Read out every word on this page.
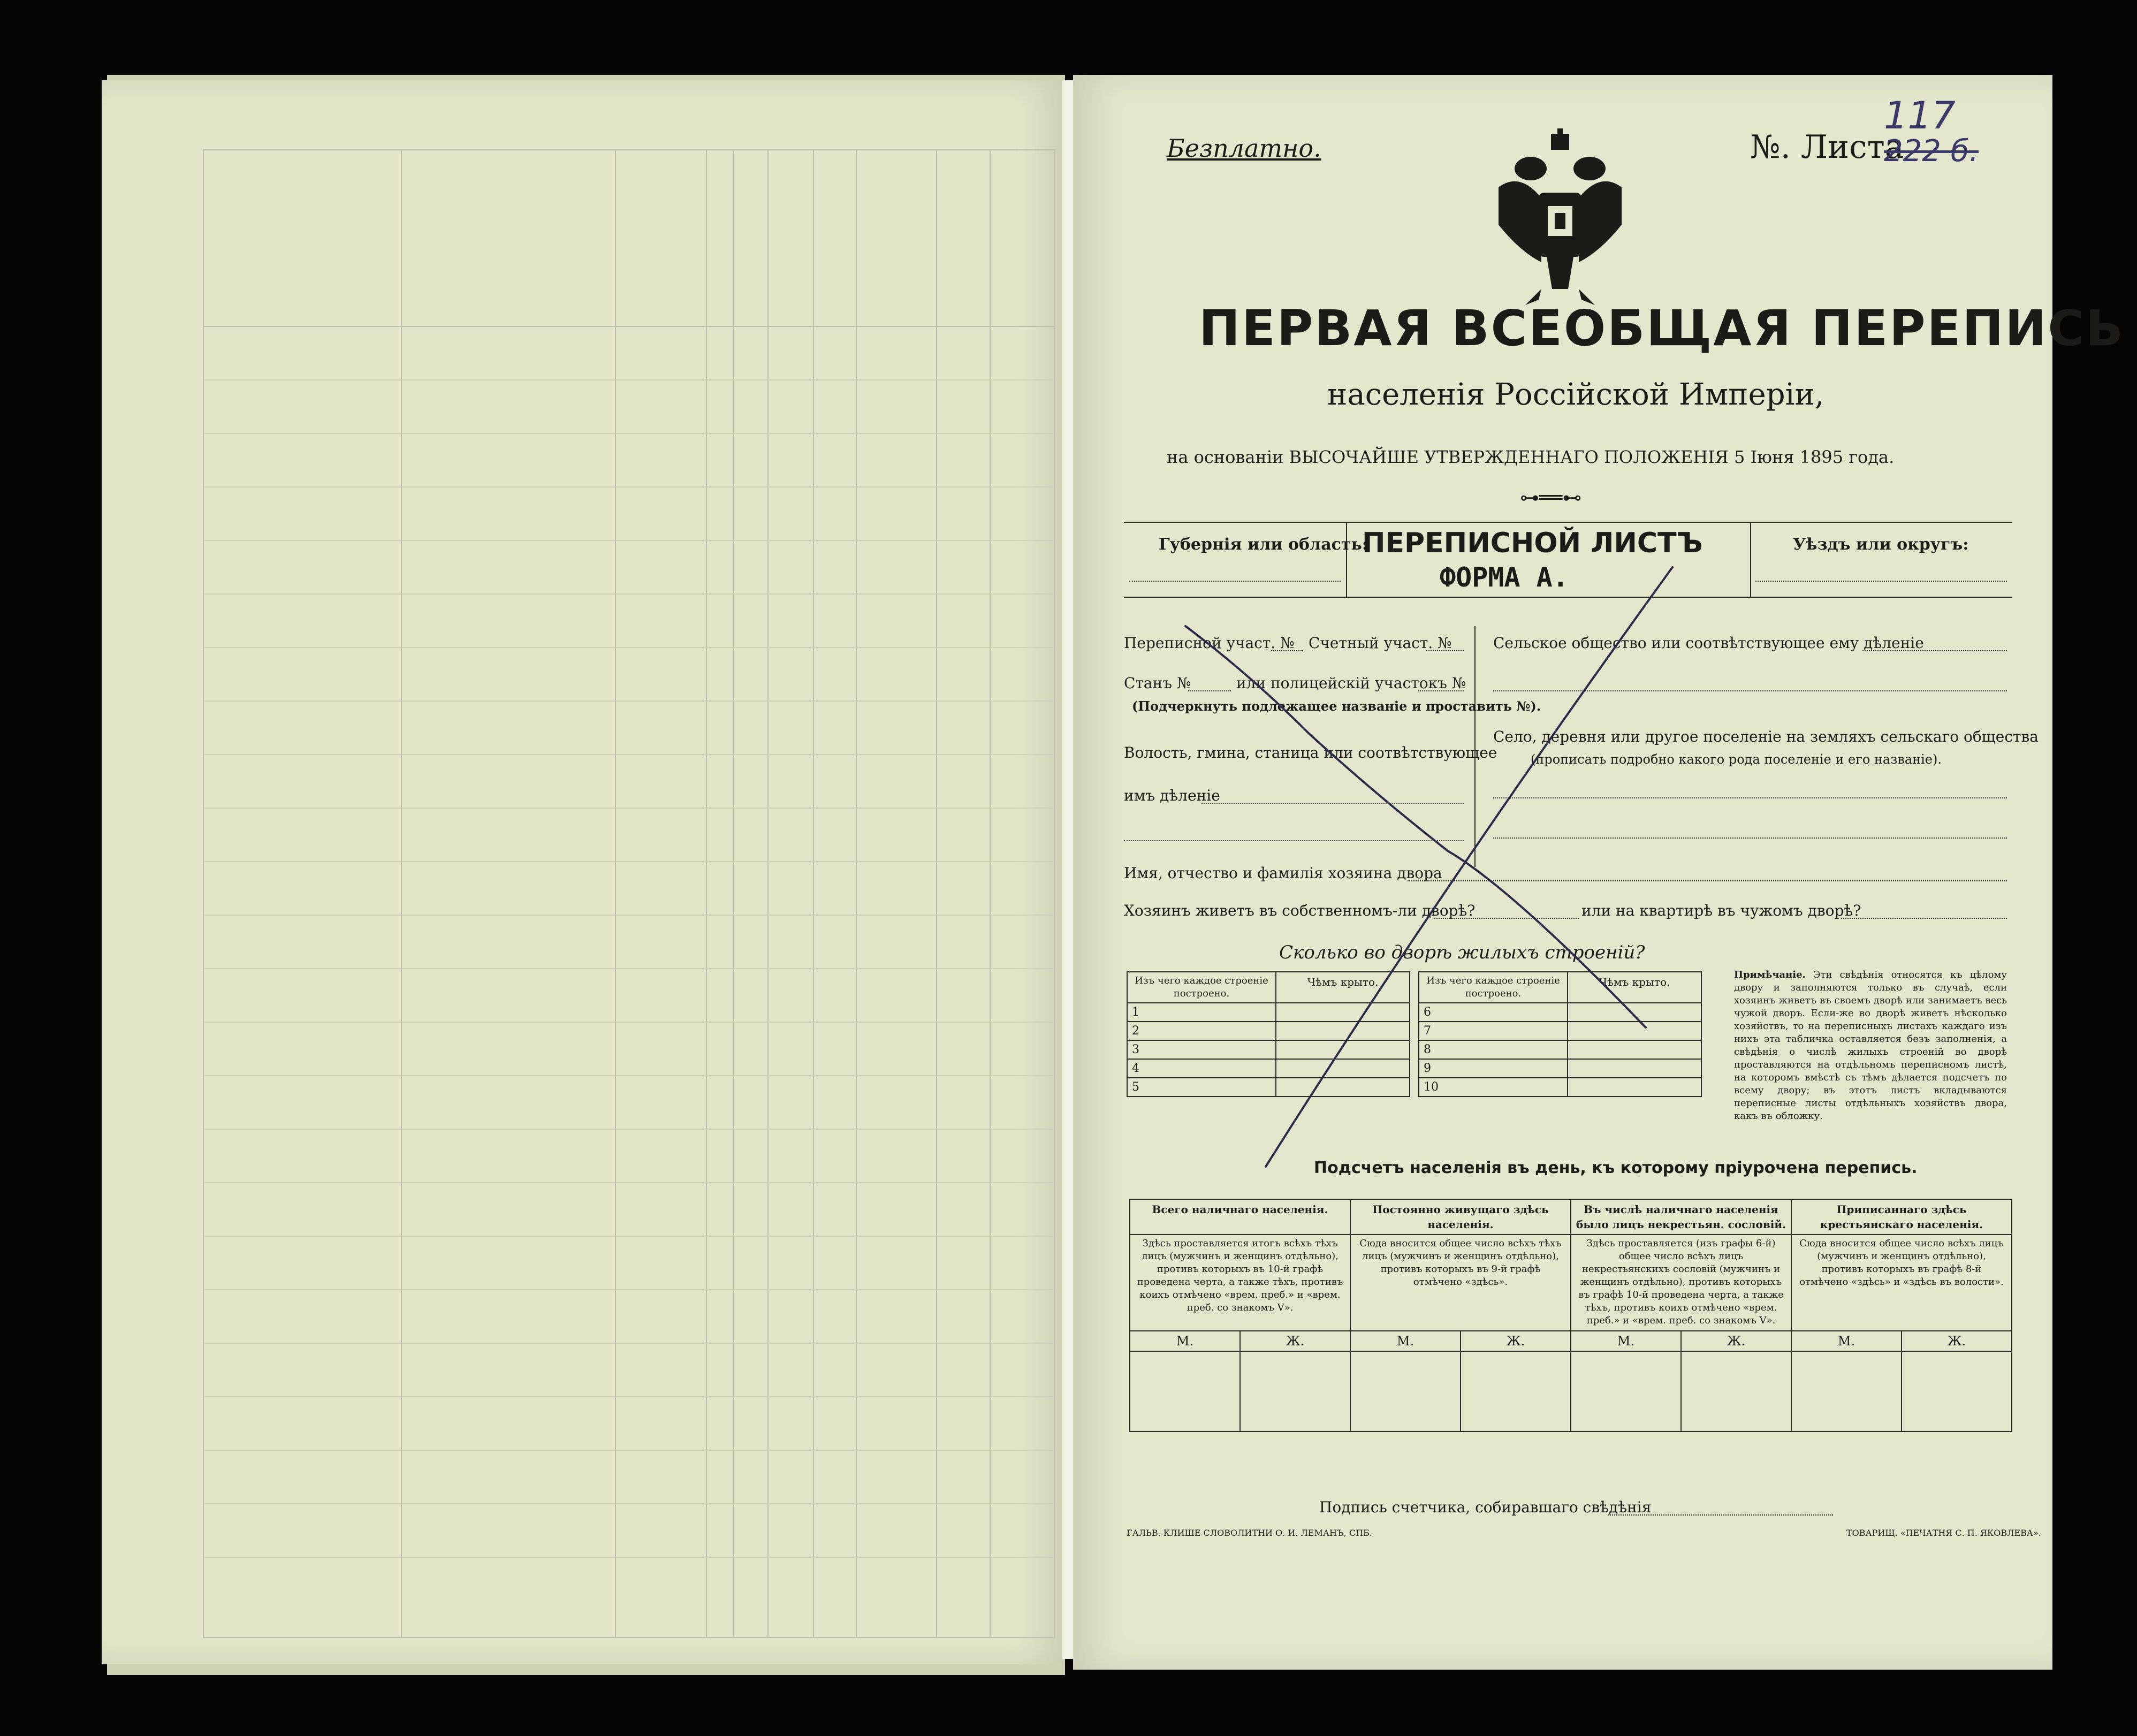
Безплатно.	№. Листа
117
222 б.
ПЕРВАЯ ВСЕОБЩАЯ ПЕРЕПИСЬ
населенія Россійской Имперіи,
на основаніи ВЫСОЧАЙШЕ УТВЕРЖДЕННАГО ПОЛОЖЕНІЯ 5 Іюня 1895 года.
⊶══⊷
Губернія или область:
ПЕРЕПИСНОЙ ЛИСТЪ
ФОРМА А.
Уѣздъ или округъ:
Переписной участ. № Счетный участ. №
Станъ №	или полицейскій участокъ №
(Подчеркнуть подлежащее названіе и проставить №).
Волость, гмина, станица или соотвѣтствующее
имъ дѣленіе
Сельское общество или соотвѣтствующее ему дѣленіе
Село, деревня или другое поселеніе на земляхъ сельскаго общества
(прописать подробно какого рода поселеніе и его названіе).
Имя, отчество и фамилія хозяина двора
Хозяинъ живетъ въ собственномъ-ли дворѣ?	или на квартирѣ въ чужомъ дворѣ?
Сколько во дворѣ жилыхъ строеній?
Изъ чего каждое строеніе построено.	Чѣмъ крыто.
1	
2	
3	
4	
5	
Изъ чего каждое строеніе построено.	Чѣмъ крыто.
6	
7	
8	
9	
10	
Примѣчаніе. Эти свѣдѣнія относятся къ цѣлому двору и заполняются только въ случаѣ, если хозяинъ живетъ въ своемъ дворѣ или занимаетъ весь чужой дворъ. Если-же во дворѣ живетъ нѣсколько хозяйствъ, то на переписныхъ листахъ каждаго изъ нихъ эта табличка оставляется безъ заполненія, а свѣдѣнія о числѣ жилыхъ строеній во дворѣ проставляются на отдѣльномъ переписномъ листѣ, на которомъ вмѣстѣ съ тѣмъ дѣлается подсчетъ по всему двору; въ этотъ листъ вкладываются переписные листы отдѣльныхъ хозяйствъ двора, какъ въ обложку.
Подсчетъ населенія въ день, къ которому пріурочена перепись.
Всего наличнаго населенія.		Постоянно живущаго здѣсь населенія.		Въ числѣ наличнаго населенія было лицъ некрестьян. сословій.		Приписаннаго здѣсь крестьянскаго населенія.	
Здѣсь проставляется итогъ всѣхъ тѣхъ лицъ (мужчинъ и женщинъ отдѣльно), противъ которыхъ въ 10-й графѣ проведена черта, а также тѣхъ, противъ коихъ отмѣчено «врем. преб.» и «врем. преб. со знакомъ V».		Сюда вносится общее число всѣхъ тѣхъ лицъ (мужчинъ и женщинъ отдѣльно), противъ которыхъ въ 9-й графѣ отмѣчено «здѣсь».		Здѣсь проставляется (изъ графы 6-й) общее число всѣхъ лицъ некрестьянскихъ сословій (мужчинъ и женщинъ отдѣльно), противъ которыхъ въ графѣ 10-й проведена черта, а также тѣхъ, противъ коихъ отмѣчено «врем. преб.» и «врем. преб. со знакомъ V».		Сюда вносится общее число всѣхъ лицъ (мужчинъ и женщинъ отдѣльно), противъ которыхъ въ графѣ 8-й отмѣчено «здѣсь» и «здѣсь въ волости».	
М.	Ж.	М.	Ж.	М.	Ж.	М.	Ж.

Подпись счетчика, собиравшаго свѣдѣнія
ГАЛЬВ. КЛИШЕ СЛОВОЛИТНИ О. И. ЛЕМАНЪ, СПБ.	ТОВАРИЩ. «ПЕЧАТНЯ С. П. ЯКОВЛЕВА».
